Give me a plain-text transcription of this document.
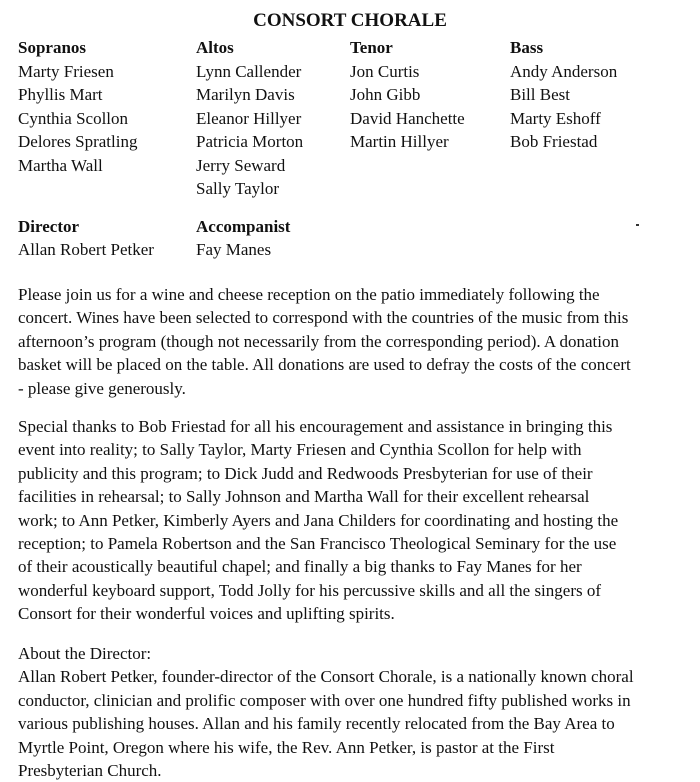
CONSORT CHORALE
Sopranos
Marty Friesen
Phyllis Mart
Cynthia Scollon
Delores Spratling
Martha Wall
Altos
Lynn Callender
Marilyn Davis
Eleanor Hillyer
Patricia Morton
Jerry Seward
Sally Taylor
Tenor
Jon Curtis
John Gibb
David Hanchette
Martin Hillyer
Bass
Andy Anderson
Bill Best
Marty Eshoff
Bob Friestad
Director
Allan Robert Petker
Accompanist
Fay Manes
Please join us for a wine and cheese reception on the patio immediately following the
concert. Wines have been selected to correspond with the countries of the music from this
afternoon’s program (though not necessarily from the corresponding period). A donation
basket will be placed on the table. All donations are used to defray the costs of the concert
- please give generously.
Special thanks to Bob Friestad for all his encouragement and assistance in bringing this
event into reality; to Sally Taylor, Marty Friesen and Cynthia Scollon for help with
publicity and this program; to Dick Judd and Redwoods Presbyterian for use of their
facilities in rehearsal; to Sally Johnson and Martha Wall for their excellent rehearsal
work; to Ann Petker, Kimberly Ayers and Jana Childers for coordinating and hosting the
reception; to Pamela Robertson and the San Francisco Theological Seminary for the use
of their acoustically beautiful chapel; and finally a big thanks to Fay Manes for her
wonderful keyboard support, Todd Jolly for his percussive skills and all the singers of
Consort for their wonderful voices and uplifting spirits.
About the Director:
Allan Robert Petker, founder-director of the Consort Chorale, is a nationally known choral
conductor, clinician and prolific composer with over one hundred fifty published works in
various publishing houses. Allan and his family recently relocated from the Bay Area to
Myrtle Point, Oregon where his wife, the Rev. Ann Petker, is pastor at the First
Presbyterian Church.
